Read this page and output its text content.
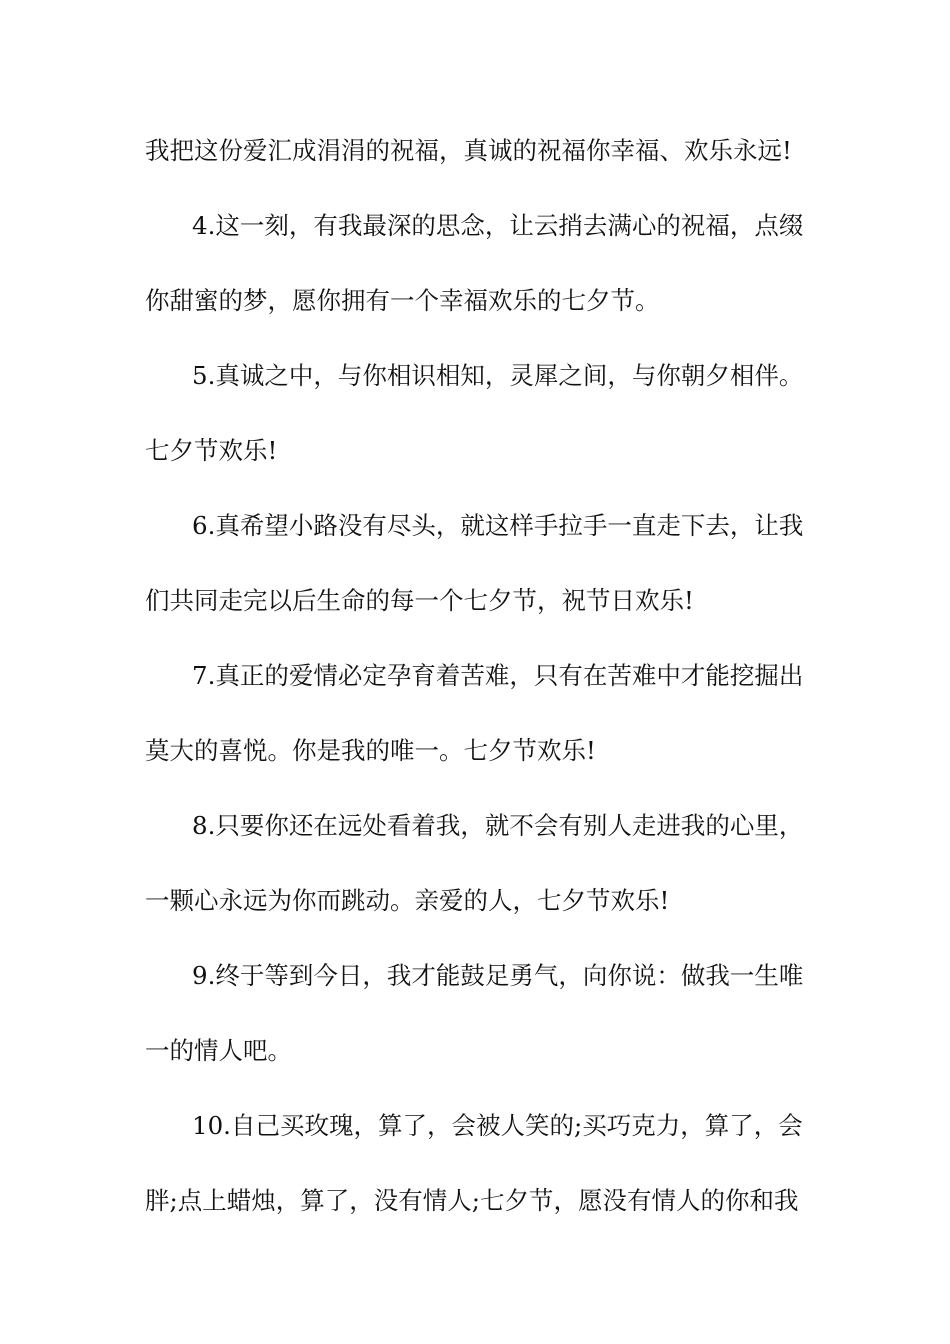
我把这份爱汇成涓涓的祝福，真诚的祝福你幸福、欢乐永远!
4.这一刻，有我最深的思念，让云捎去满心的祝福，点缀
你甜蜜的梦，愿你拥有一个幸福欢乐的七夕节。
5.真诚之中，与你相识相知，灵犀之间，与你朝夕相伴。
七夕节欢乐!
6.真希望小路没有尽头，就这样手拉手一直走下去，让我
们共同走完以后生命的每一个七夕节，祝节日欢乐!
7.真正的爱情必定孕育着苦难，只有在苦难中才能挖掘出
莫大的喜悦。你是我的唯一。七夕节欢乐!
8.只要你还在远处看着我，就不会有别人走进我的心里，
一颗心永远为你而跳动。亲爱的人，七夕节欢乐!
9.终于等到今日，我才能鼓足勇气，向你说：做我一生唯
一的情人吧。
10.自己买玫瑰，算了，会被人笑的;买巧克力，算了，会
胖;点上蜡烛，算了，没有情人;七夕节，愿没有情人的你和我
